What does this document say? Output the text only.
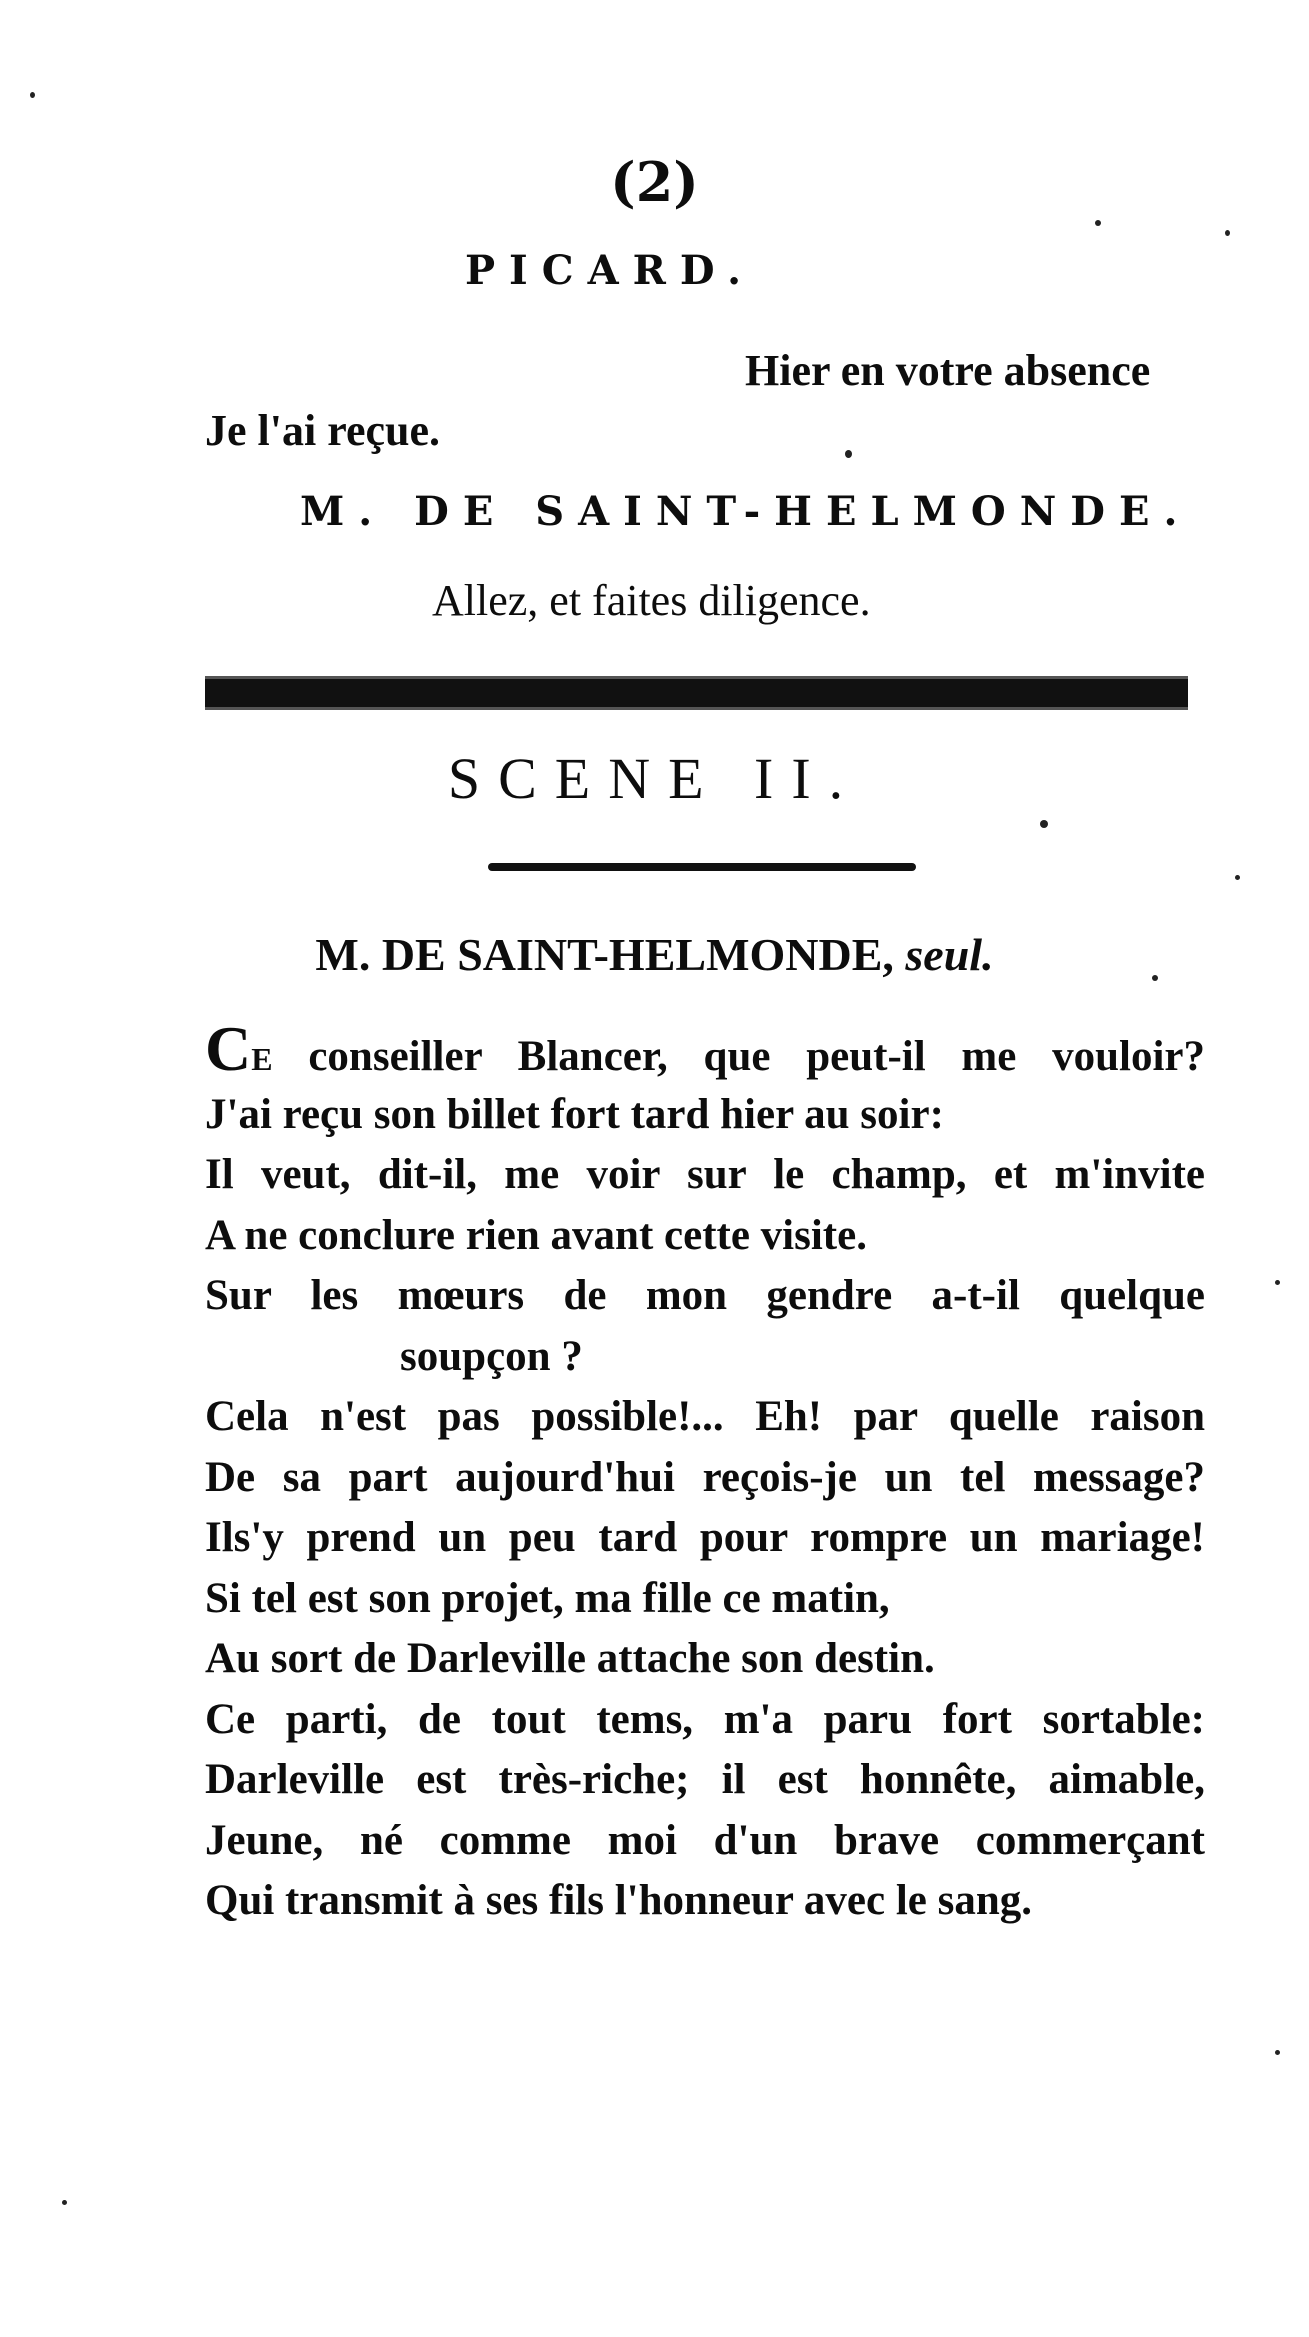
(2)
PICARD.
Hier en votre absence
Je l'ai reçue.
M. DE SAINT-HELMONDE.
Allez, et faites diligence.
SCENE II.
M. DE SAINT-HELMONDE, seul.
CE conseiller Blancer, que peut-il me vouloir?
J'ai reçu son billet fort tard hier au soir:
Il veut, dit-il, me voir sur le champ, et m'invite
A ne conclure rien avant cette visite.
Sur les mœurs de mon gendre a-t-il quelque
soupçon ?
Cela n'est pas possible!... Eh! par quelle raison
De sa part aujourd'hui reçois-je un tel message?
Ils'y prend un peu tard pour rompre un mariage!
Si tel est son projet, ma fille ce matin,
Au sort de Darleville attache son destin.
Ce parti, de tout tems, m'a paru fort sortable:
Darleville est très-riche; il est honnête, aimable,
Jeune, né comme moi d'un brave commerçant
Qui transmit à ses fils l'honneur avec le sang.
